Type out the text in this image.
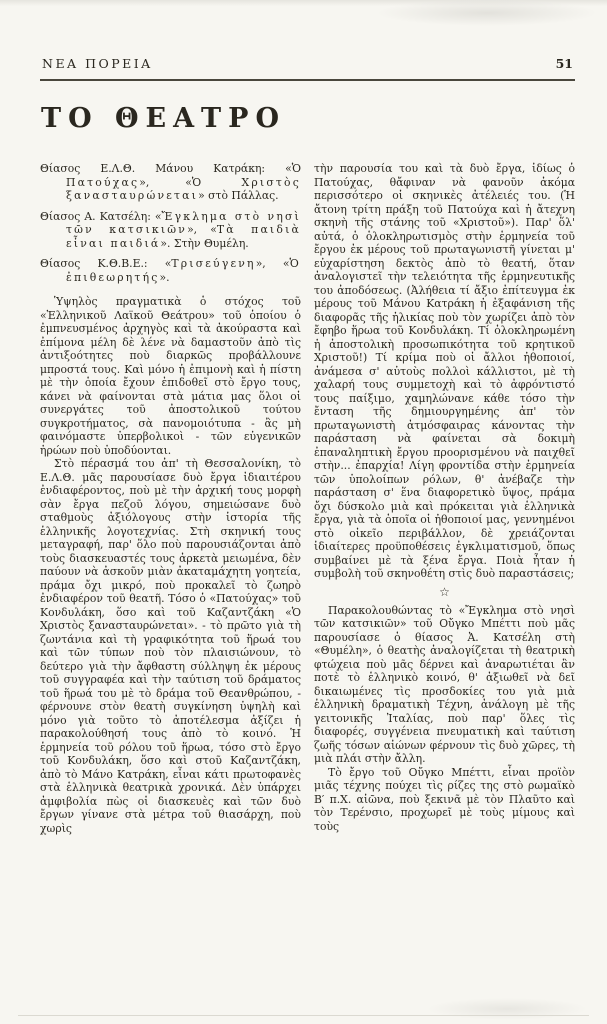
ΝΕΑ ΠΟΡΕΙΑ	51
ΤΟ ΘΕΑΤΡΟ

Θίασος Ε.Λ.Θ. Μάνου Κατράκη: «Ὁ Πατούχας», «Ὁ Χριστὸς ξανασταυρώνεται» στὸ Πάλλας.

Θίασος Α. Κατσέλη: «Ἔγκλημα στὸ νησὶ τῶν κατσικιῶν», «Τὰ παιδιὰ εἶναι παιδιά». Στὴν Θυμέλη.

Θίασος Κ.Θ.Β.Ε.: «Τρισεύγενη», «Ὁ ἐπιθεωρητής».

Ὑψηλὸς πραγματικὰ ὁ στόχος τοῦ «Ἑλληνικοῦ Λαϊκοῦ Θεάτρου» τοῦ ὁποίου ὁ ἐμπνευσμένος ἀρχηγὸς καὶ τὰ ἀκούραστα καὶ ἐπίμονα μέλη δὲ λένε νὰ δαμαστοῦν ἀπὸ τὶς ἀντιξοότητες ποὺ διαρκῶς προβάλλουνε μπροστά τους. Καὶ μόνο ἡ ἐπιμονὴ καὶ ἡ πίστη μὲ τὴν ὁποία ἔχουν ἐπιδοθεῖ στὸ ἔργο τους, κάνει νὰ φαίνονται στὰ μάτια μας ὅλοι οἱ συνεργάτες τοῦ ἀποστολικοῦ τούτου συγκροτήματος, σὰ πανομοιότυπα - ἂς μὴ φαινόμαστε ὑπερβολικοὶ - τῶν εὐγενικῶν ἡρώων ποὺ ὑποδύονται.

Στὸ πέρασμά του ἀπ' τὴ Θεσσαλονίκη, τὸ Ε.Λ.Θ. μᾶς παρουσίασε δυὸ ἔργα ἰδιαιτέρου ἐνδιαφέροντος, ποὺ μὲ τὴν ἀρχική τους μορφὴ σὰν ἔργα πεζοῦ λόγου, σημειώσανε δυὸ σταθμοὺς ἀξιόλογους στὴν ἱστορία τῆς ἑλληνικῆς λογοτεχνίας. Στὴ σκηνική τους μεταγραφή, παρ' ὅλο ποὺ παρουσιάζονται ἀπὸ τοὺς διασκευαστές τους ἀρκετὰ μειωμένα, δὲν παύουν νὰ ἀσκοῦν μιὰν ἀκαταμάχητη γοητεία, πράμα ὄχι μικρό, ποὺ προκαλεῖ τὸ ζωηρὸ ἐνδιαφέρον τοῦ θεατῆ. Τόσο ὁ «Πατούχας» τοῦ Κονδυλάκη, ὅσο καὶ τοῦ Καζαντζάκη «Ὁ Χριστὸς ξανασταυρώνεται». - τὸ πρῶτο γιὰ τὴ ζωντάνια καὶ τὴ γραφικότητα τοῦ ἥρωά του καὶ τῶν τύπων ποὺ τὸν πλαισιώνουν, τὸ δεύτερο γιὰ τὴν ἄφθαστη σύλληψη ἐκ μέρους τοῦ συγγραφέα καὶ τὴν ταύτιση τοῦ δράματος τοῦ ἥρωά του μὲ τὸ δράμα τοῦ Θεανθρώπου, - φέρνουνε στὸν θεατὴ συγκίνηση ὑψηλὴ καὶ μόνο γιὰ τοῦτο τὸ ἀποτέλεσμα ἀξίζει ἡ παρακολούθησή τους ἀπὸ τὸ κοινό. Ἡ ἑρμηνεία τοῦ ρόλου τοῦ ἥρωα, τόσο στὸ ἔργο τοῦ Κονδυλάκη, ὅσο καὶ στοῦ Καζαντζάκη, ἀπὸ τὸ Μάνο Κατράκη, εἶναι κάτι πρωτοφανὲς στὰ ἑλληνικὰ θεατρικὰ χρονικά. Δὲν ὑπάρχει ἀμφιβολία πὼς οἱ διασκευὲς καὶ τῶν δυὸ ἔργων γίνανε στὰ μέτρα τοῦ θιασάρχη, ποὺ χωρὶς

τὴν παρουσία του καὶ τὰ δυὸ ἔργα, ἰδίως ὁ Πατούχας, θἄφιναν νὰ φανοῦν ἀκόμα περισσότερο οἱ σκηνικὲς ἀτέλειές του. (Ἡ ἄτονη τρίτη πράξη τοῦ Πατούχα καὶ ἡ ἄτεχνη σκηνὴ τῆς στάνης τοῦ «Χριστοῦ»). Παρ' ὅλ' αὐτά, ὁ ὁλοκληρωτισμὸς στὴν ἑρμηνεία τοῦ ἔργου ἐκ μέρους τοῦ πρωταγωνιστῆ γίνεται μ' εὐχαρίστηση δεκτὸς ἀπὸ τὸ θεατή, ὅταν ἀναλογιστεῖ τὴν τελειότητα τῆς ἑρμηνευτικῆς του ἀποδόσεως. (Ἀλήθεια τί ἄξιο ἐπίτευγμα ἐκ μέρους τοῦ Μάνου Κατράκη ἡ ἐξαφάνιση τῆς διαφορᾶς τῆς ἡλικίας ποὺ τὸν χωρίζει ἀπὸ τὸν ἔφηβο ἥρωα τοῦ Κονδυλάκη. Τί ὁλοκληρωμένη ἡ ἀποστολικὴ προσωπικότητα τοῦ κρητικοῦ Χριστοῦ!) Τί κρίμα ποὺ οἱ ἄλλοι ἠθοποιοί, ἀνάμεσα σ' αὐτοὺς πολλοὶ κάλλιστοι, μὲ τὴ χαλαρή τους συμμετοχὴ καὶ τὸ ἀφρόντιστό τους παίξιμο, χαμηλώνανε κάθε τόσο τὴν ἔνταση τῆς δημιουργημένης ἀπ' τὸν πρωταγωνιστὴ ἀτμόσφαιρας κάνοντας τὴν παράσταση νὰ φαίνεται σὰ δοκιμὴ ἐπαναληπτικὴ ἔργου προορισμένου νὰ παιχθεῖ στὴν... ἐπαρχία! Λίγη φροντίδα στὴν ἑρμηνεία τῶν ὑπολοίπων ρόλων, θ' ἀνέβαζε τὴν παράσταση σ' ἕνα διαφορετικὸ ὕψος, πράμα ὄχι δύσκολο μιὰ καὶ πρόκειται γιὰ ἑλληνικὰ ἔργα, γιὰ τὰ ὁποῖα οἱ ἠθοποιοί μας, γεννημένοι στὸ οἰκεῖο περιβάλλον, δὲ χρειάζονται ἰδιαίτερες προϋποθέσεις ἐγκλιματισμοῦ, ὅπως συμβαίνει μὲ τὰ ξένα ἔργα. Ποιὰ ἦταν ἡ συμβολὴ τοῦ σκηνοθέτη στὶς δυὸ παραστάσεις;

☆

Παρακολουθώντας τὸ «Ἔγκλημα στὸ νησὶ τῶν κατσικιῶν» τοῦ Οὔγκο Μπέττι ποὺ μᾶς παρουσίασε ὁ θίασος Ἀ. Κατσέλη στὴ «Θυμέλη», ὁ θεατὴς ἀναλογίζεται τὴ θεατρικὴ φτώχεια ποὺ μᾶς δέρνει καὶ ἀναρωτιέται ἂν ποτὲ τὸ ἑλληνικὸ κοινό, θ' ἀξιωθεῖ νὰ δεῖ δικαιωμένες τὶς προσδοκίες του γιὰ μιὰ ἑλληνικὴ δραματικὴ Τέχνη, ἀνάλογη μὲ τῆς γειτονικῆς Ἰταλίας, ποὺ παρ' ὅλες τὶς διαφορές, συγγένεια πνευματικὴ καὶ ταύτιση ζωῆς τόσων αἰώνων φέρνουν τὶς δυὸ χῶρες, τὴ μιὰ πλάι στὴν ἄλλη.

Τὸ ἔργο τοῦ Οὔγκο Μπέττι, εἶναι προϊὸν μιᾶς τέχνης πούχει τὶς ρίζες της στὸ ρωμαϊκὸ Β′ π.Χ. αἰῶνα, ποὺ ξεκινᾶ μὲ τὸν Πλαῦτο καὶ τὸν Τερένσιο, προχωρεῖ μὲ τοὺς μίμους καὶ τοὺς
